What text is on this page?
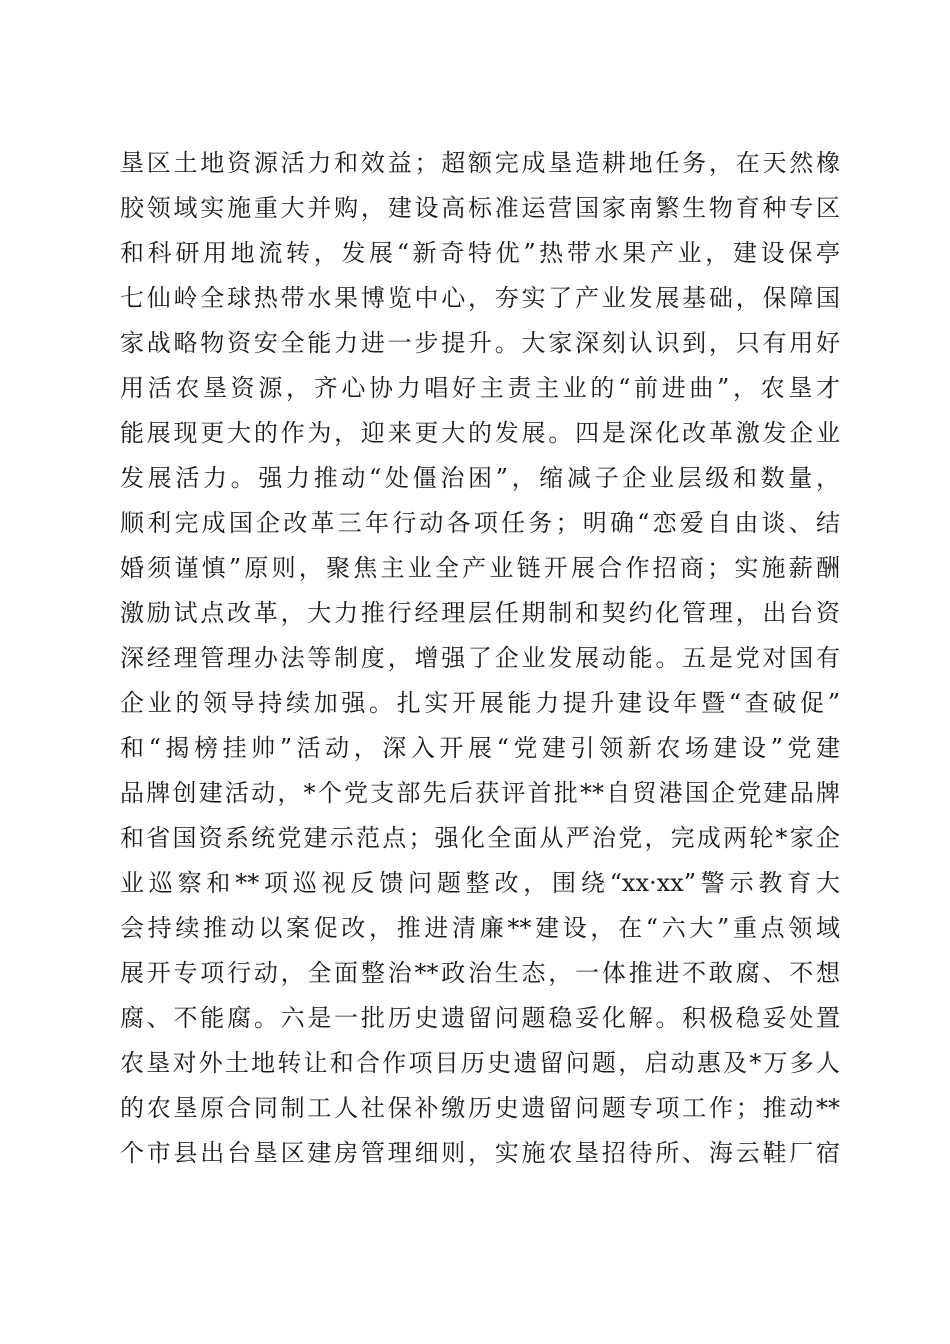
垦区土地资源活力和效益；超额完成垦造耕地任务，在天然橡
胶领域实施重大并购，建设高标准运营国家南繁生物育种专区
和科研用地流转，发展“新奇特优”热带水果产业，建设保亭
七仙岭全球热带水果博览中心，夯实了产业发展基础，保障国
家战略物资安全能力进一步提升。大家深刻认识到，只有用好
用活农垦资源，齐心协力唱好主责主业的“前进曲”，农垦才
能展现更大的作为，迎来更大的发展。四是深化改革激发企业
发展活力。强力推动“处僵治困”，缩减子企业层级和数量，
顺利完成国企改革三年行动各项任务；明确“恋爱自由谈、结
婚须谨慎”原则，聚焦主业全产业链开展合作招商；实施薪酬
激励试点改革，大力推行经理层任期制和契约化管理，出台资
深经理管理办法等制度，增强了企业发展动能。五是党对国有
企业的领导持续加强。扎实开展能力提升建设年暨“查破促”
和“揭榜挂帅”活动，深入开展“党建引领新农场建设”党建
品牌创建活动，*个党支部先后获评首批**自贸港国企党建品牌
和省国资系统党建示范点；强化全面从严治党，完成两轮*家企
业巡察和**项巡视反馈问题整改，围绕“xx·xx”警示教育大
会持续推动以案促改，推进清廉**建设，在“六大”重点领域
展开专项行动，全面整治**政治生态，一体推进不敢腐、不想
腐、不能腐。六是一批历史遗留问题稳妥化解。积极稳妥处置
农垦对外土地转让和合作项目历史遗留问题，启动惠及*万多人
的农垦原合同制工人社保补缴历史遗留问题专项工作；推动**
个市县出台垦区建房管理细则，实施农垦招待所、海云鞋厂宿
